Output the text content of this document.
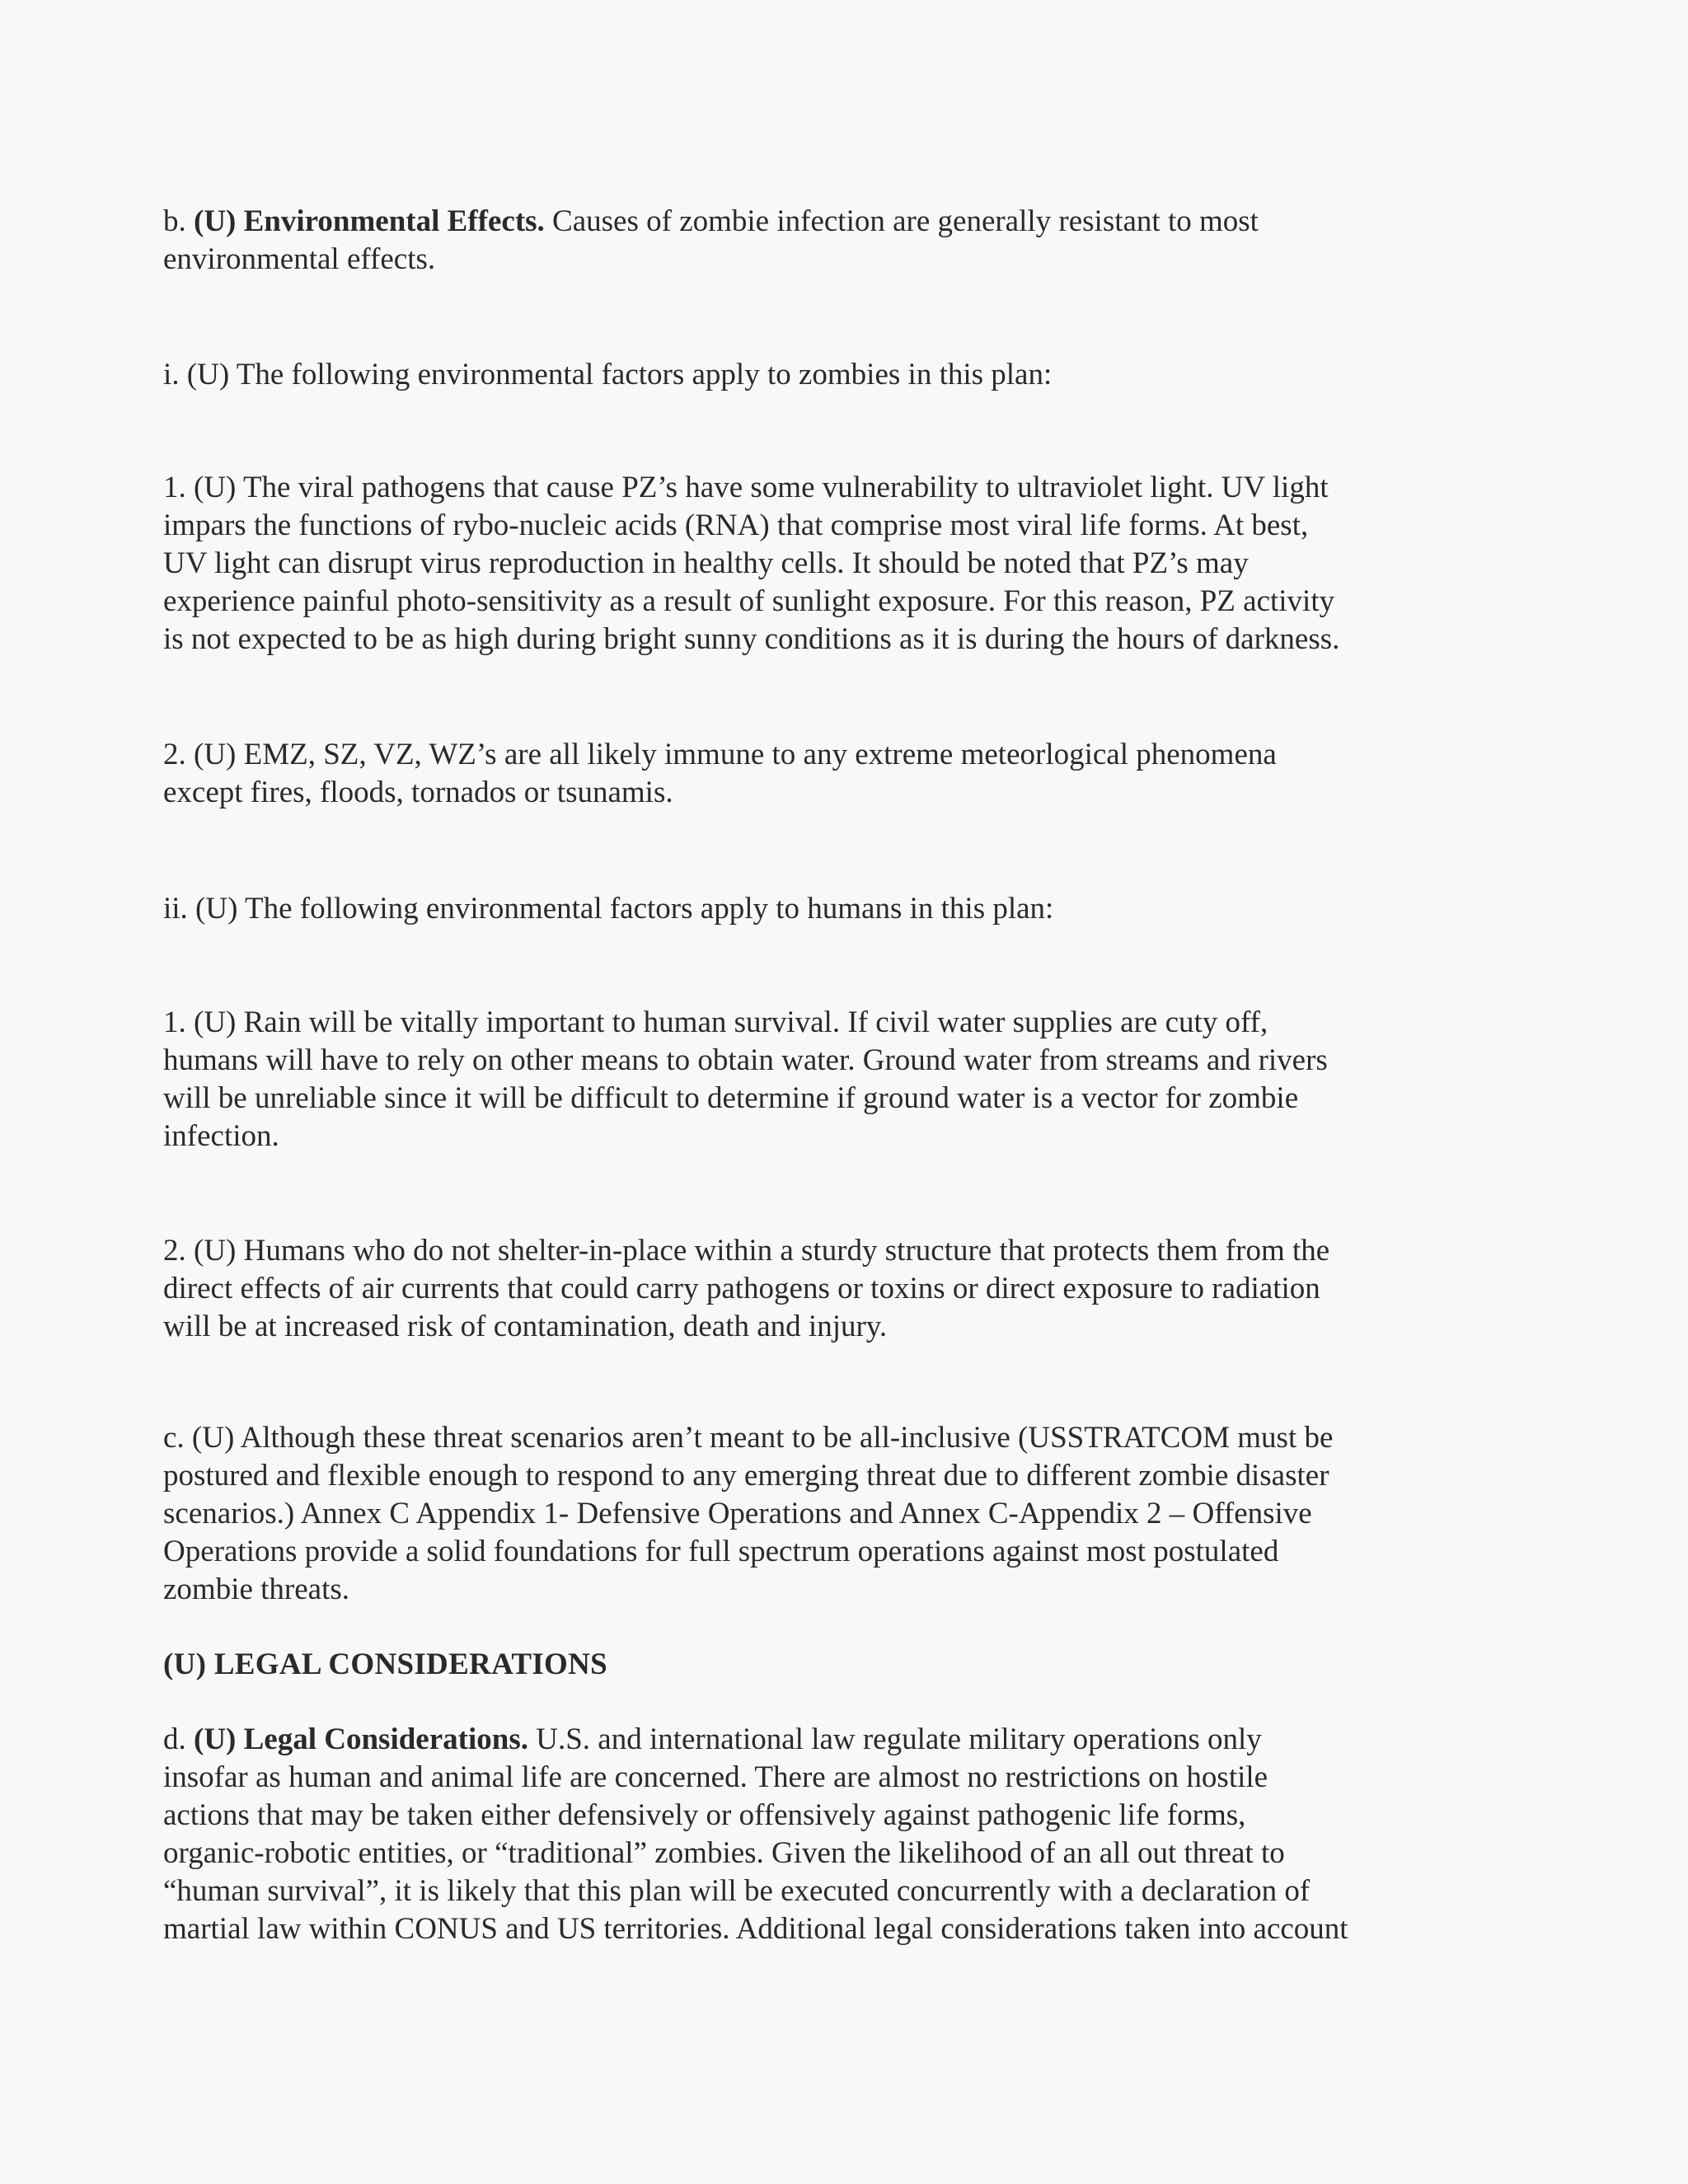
b. (U) Environmental Effects. Causes of zombie infection are generally resistant to most
environmental effects.

i. (U) The following environmental factors apply to zombies in this plan:

1. (U) The viral pathogens that cause PZ’s have some vulnerability to ultraviolet light. UV light
impars the functions of rybo-nucleic acids (RNA) that comprise most viral life forms. At best,
UV light can disrupt virus reproduction in healthy cells. It should be noted that PZ’s may
experience painful photo-sensitivity as a result of sunlight exposure. For this reason, PZ activity
is not expected to be as high during bright sunny conditions as it is during the hours of darkness.

2. (U) EMZ, SZ, VZ, WZ’s are all likely immune to any extreme meteorlogical phenomena
except fires, floods, tornados or tsunamis.

ii. (U) The following environmental factors apply to humans in this plan:

1. (U) Rain will be vitally important to human survival. If civil water supplies are cuty off,
humans will have to rely on other means to obtain water. Ground water from streams and rivers
will be unreliable since it will be difficult to determine if ground water is a vector for zombie
infection.

2. (U) Humans who do not shelter-in-place within a sturdy structure that protects them from the
direct effects of air currents that could carry pathogens or toxins or direct exposure to radiation
will be at increased risk of contamination, death and injury.

c. (U) Although these threat scenarios aren’t meant to be all-inclusive (USSTRATCOM must be
postured and flexible enough to respond to any emerging threat due to different zombie disaster
scenarios.) Annex C Appendix 1- Defensive Operations and Annex C-Appendix 2 – Offensive
Operations provide a solid foundations for full spectrum operations against most postulated
zombie threats.

(U) LEGAL CONSIDERATIONS

d. (U) Legal Considerations. U.S. and international law regulate military operations only
insofar as human and animal life are concerned. There are almost no restrictions on hostile
actions that may be taken either defensively or offensively against pathogenic life forms,
organic-robotic entities, or “traditional” zombies. Given the likelihood of an all out threat to
“human survival”, it is likely that this plan will be executed concurrently with a declaration of
martial law within CONUS and US territories. Additional legal considerations taken into account
